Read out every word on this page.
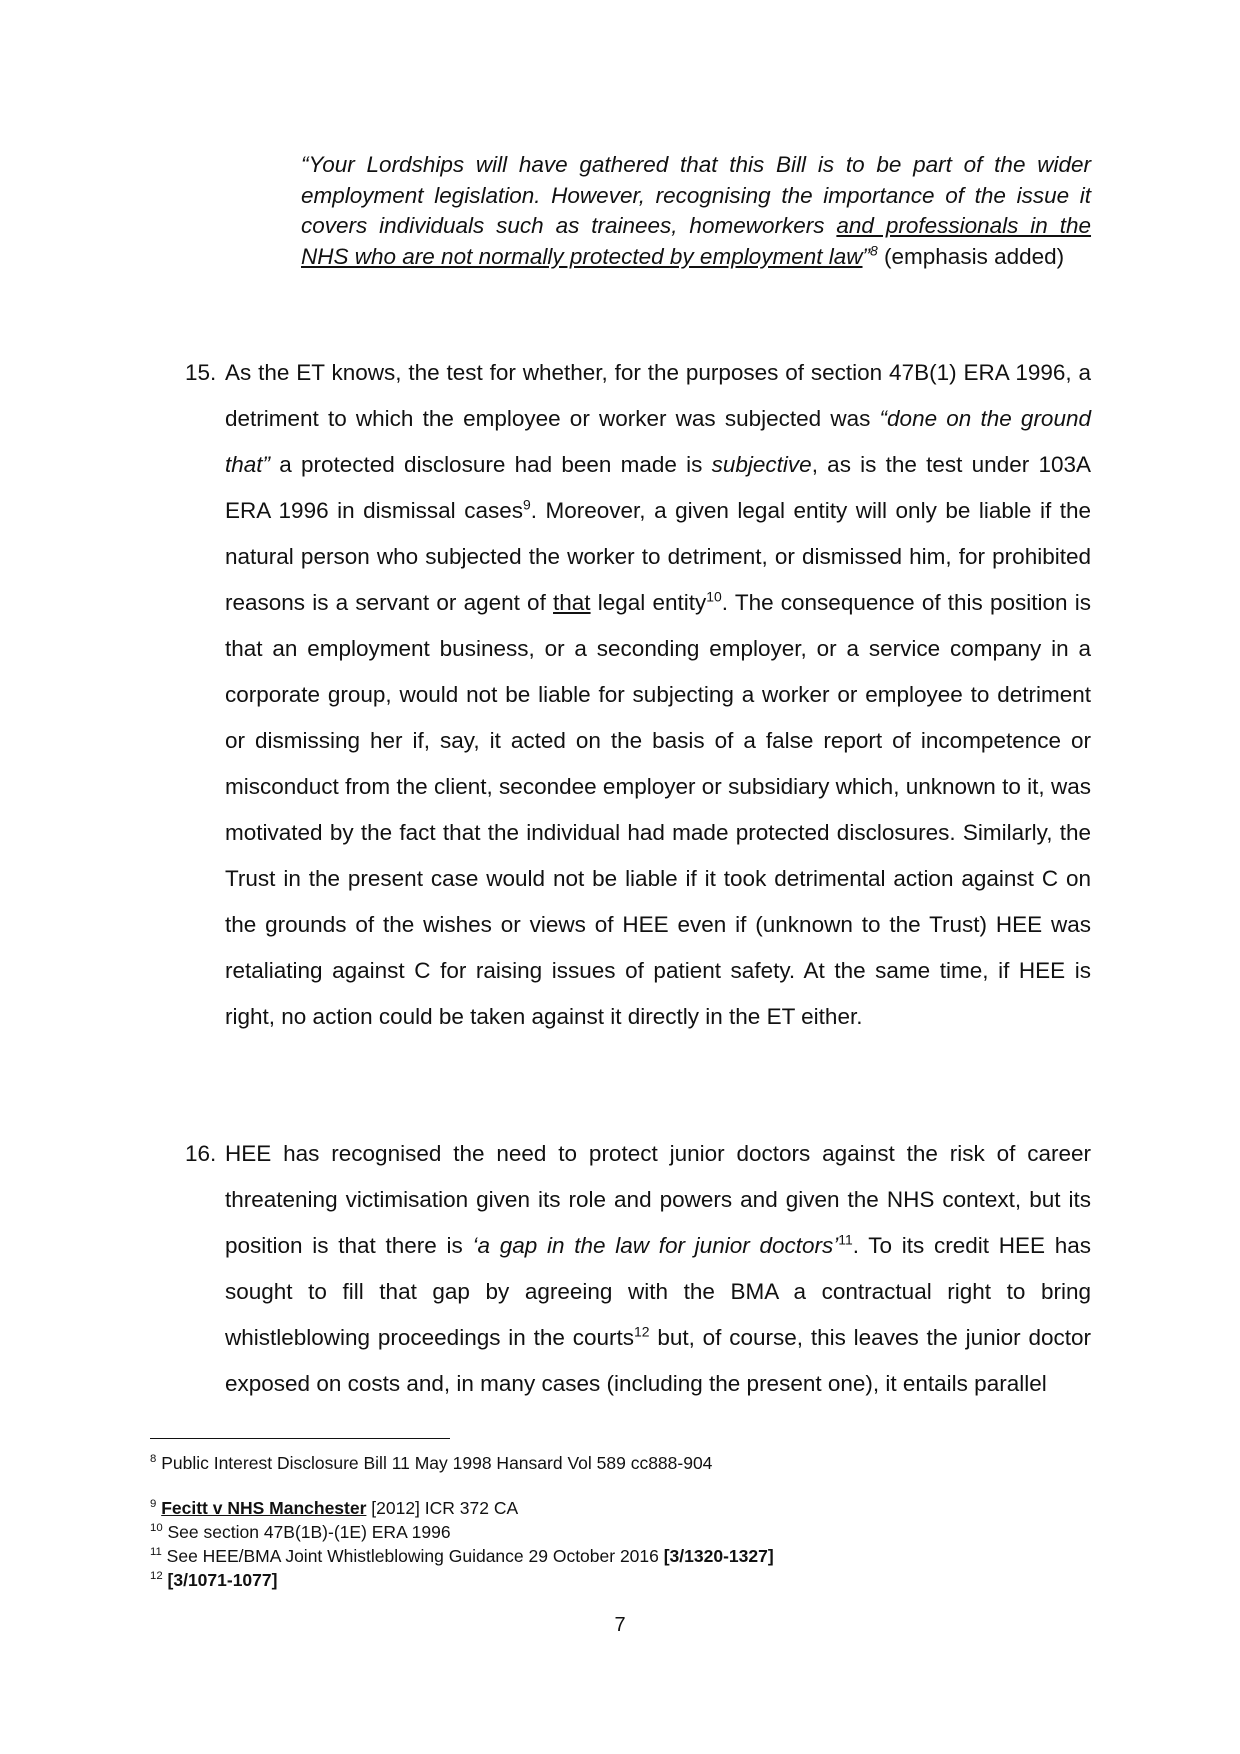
“Your Lordships will have gathered that this Bill is to be part of the wider employment legislation. However, recognising the importance of the issue it covers individuals such as trainees, homeworkers and professionals in the NHS who are not normally protected by employment law”$^8$ (emphasis added)
15. As the ET knows, the test for whether, for the purposes of section 47B(1) ERA 1996, a detriment to which the employee or worker was subjected was “done on the ground that” a protected disclosure had been made is subjective, as is the test under 103A ERA 1996 in dismissal cases$^9$. Moreover, a given legal entity will only be liable if the natural person who subjected the worker to detriment, or dismissed him, for prohibited reasons is a servant or agent of that legal entity$^{10}$. The consequence of this position is that an employment business, or a seconding employer, or a service company in a corporate group, would not be liable for subjecting a worker or employee to detriment or dismissing her if, say, it acted on the basis of a false report of incompetence or misconduct from the client, secondee employer or subsidiary which, unknown to it, was motivated by the fact that the individual had made protected disclosures. Similarly, the Trust in the present case would not be liable if it took detrimental action against C on the grounds of the wishes or views of HEE even if (unknown to the Trust) HEE was retaliating against C for raising issues of patient safety. At the same time, if HEE is right, no action could be taken against it directly in the ET either.
16. HEE has recognised the need to protect junior doctors against the risk of career threatening victimisation given its role and powers and given the NHS context, but its position is that there is ‘a gap in the law for junior doctors’$^{11}$. To its credit HEE has sought to fill that gap by agreeing with the BMA a contractual right to bring whistleblowing proceedings in the courts$^{12}$ but, of course, this leaves the junior doctor exposed on costs and, in many cases (including the present one), it entails parallel
$^8$ Public Interest Disclosure Bill 11 May 1998 Hansard Vol 589 cc888-904
$^9$ Fecitt v NHS Manchester [2012] ICR 372 CA
$^{10}$ See section 47B(1B)-(1E) ERA 1996
$^{11}$ See HEE/BMA Joint Whistleblowing Guidance 29 October 2016 [3/1320-1327]
$^{12}$ [3/1071-1077]
7
